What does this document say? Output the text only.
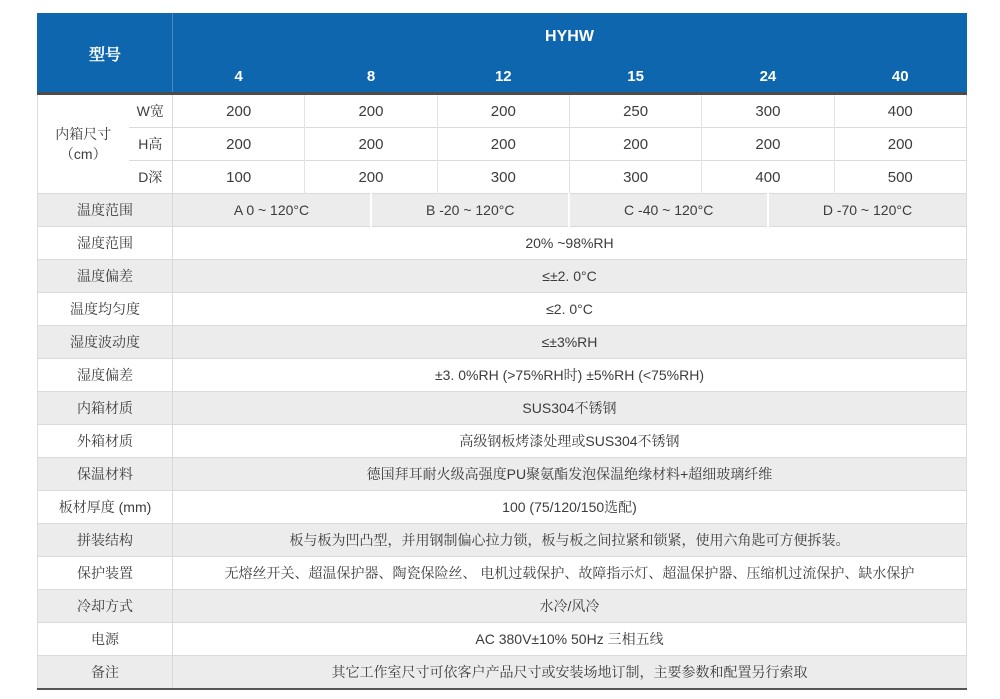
型号		HYHW							
		4	8		12	15	24		40
内箱尺寸
（cm）	W宽	200	200		200	250	300		400
	H高	200	200		200	200	200		200
	D深	100	200		300	300	400		500
温度范围		A 0 ~ 120°C		B -20 ~ 120°C		C -40 ~ 120°C		D -70 ~ 120°C	
湿度范围		20% ~98%RH							
温度偏差		≤±2. 0°C							
温度均匀度		≤2. 0°C							
湿度波动度		≤±3%RH							
湿度偏差		±3. 0%RH (>75%RH时) ±5%RH (<75%RH)							
内箱材质		SUS304不锈钢							
外箱材质		高级钢板烤漆处理或SUS304不锈钢							
保温材料		德国拜耳耐火级高强度PU聚氨酯发泡保温绝缘材料+超细玻璃纤维							
板材厚度 (mm)		100 (75/120/150选配)							
拼装结构		板与板为凹凸型，并用钢制偏心拉力锁，板与板之间拉紧和锁紧，使用六角匙可方便拆装。							
保护装置		无熔丝开关、超温保护器、陶瓷保险丝、 电机过载保护、故障指示灯、超温保护器、压缩机过流保护、缺水保护							
冷却方式		水冷/风冷							
电源		AC 380V±10% 50Hz 三相五线							
备注		其它工作室尺寸可依客户产品尺寸或安装场地订制，主要参数和配置另行索取							
